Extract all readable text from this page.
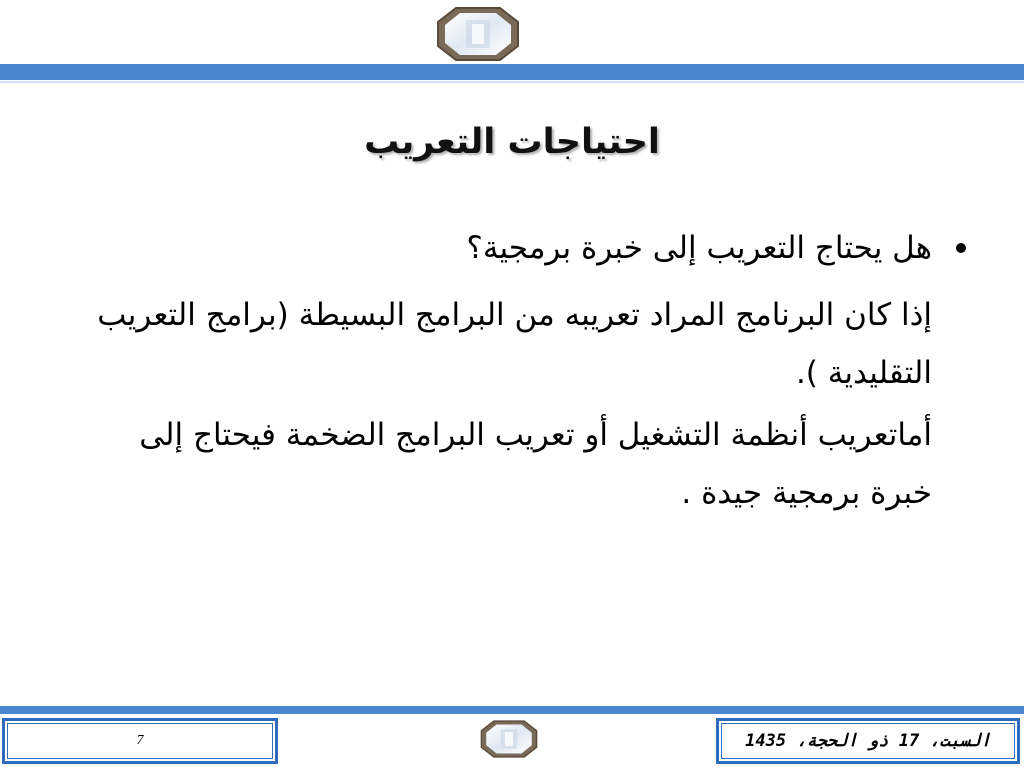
احتياجات التعريب
هل يحتاج التعريب إلى خبرة برمجية؟

إذا كان البرنامج المراد تعريبه من البرامج البسيطة (برامج التعريب التقليدية ).

أماتعريب أنظمة التشغيل أو تعريب البرامج الضخمة فيحتاج إلى خبرة برمجية جيدة .

7	السبت، 17 ذو الحجة، 1435
